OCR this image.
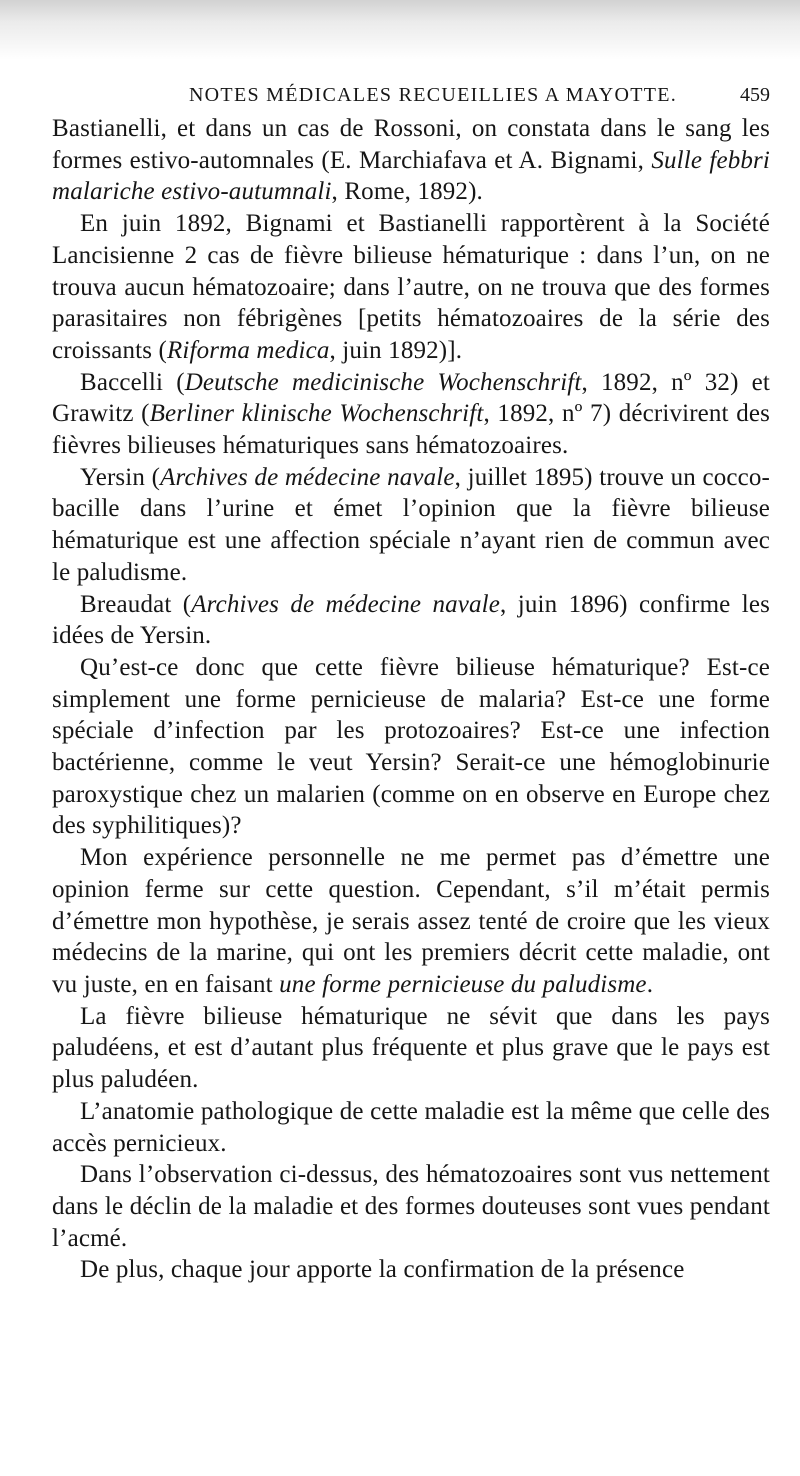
NOTES MÉDICALES RECUEILLIES A MAYOTTE.	459

Bastianelli, et dans un cas de Rossoni, on constata dans le sang les formes estivo-automnales (E. Marchiafava et A. Bignami, Sulle febbri malariche estivo-autumnali, Rome, 1892).

En juin 1892, Bignami et Bastianelli rapportèrent à la Société Lancisienne 2 cas de fièvre bilieuse hématurique : dans l’un, on ne trouva aucun hématozoaire; dans l’autre, on ne trouva que des formes parasitaires non fébrigènes [petits hématozoaires de la série des croissants (Riforma medica, juin 1892)].

Baccelli (Deutsche medicinische Wochenschrift, 1892, nº 32) et Grawitz (Berliner klinische Wochenschrift, 1892, nº 7) décrivirent des fièvres bilieuses hématuriques sans hématozoaires.

Yersin (Archives de médecine navale, juillet 1895) trouve un cocco-bacille dans l’urine et émet l’opinion que la fièvre bilieuse hématurique est une affection spéciale n’ayant rien de commun avec le paludisme.

Breaudat (Archives de médecine navale, juin 1896) confirme les idées de Yersin.

Qu’est-ce donc que cette fièvre bilieuse hématurique? Est-ce simplement une forme pernicieuse de malaria? Est-ce une forme spéciale d’infection par les protozoaires? Est-ce une infection bactérienne, comme le veut Yersin? Serait-ce une hémoglobinurie paroxystique chez un malarien (comme on en observe en Europe chez des syphilitiques)?

Mon expérience personnelle ne me permet pas d’émettre une opinion ferme sur cette question. Cependant, s’il m’était permis d’émettre mon hypothèse, je serais assez tenté de croire que les vieux médecins de la marine, qui ont les premiers décrit cette maladie, ont vu juste, en en faisant une forme pernicieuse du paludisme.

La fièvre bilieuse hématurique ne sévit que dans les pays paludéens, et est d’autant plus fréquente et plus grave que le pays est plus paludéen.

L’anatomie pathologique de cette maladie est la même que celle des accès pernicieux.

Dans l’observation ci-dessus, des hématozoaires sont vus nettement dans le déclin de la maladie et des formes douteuses sont vues pendant l’acmé.

De plus, chaque jour apporte la confirmation de la présence
